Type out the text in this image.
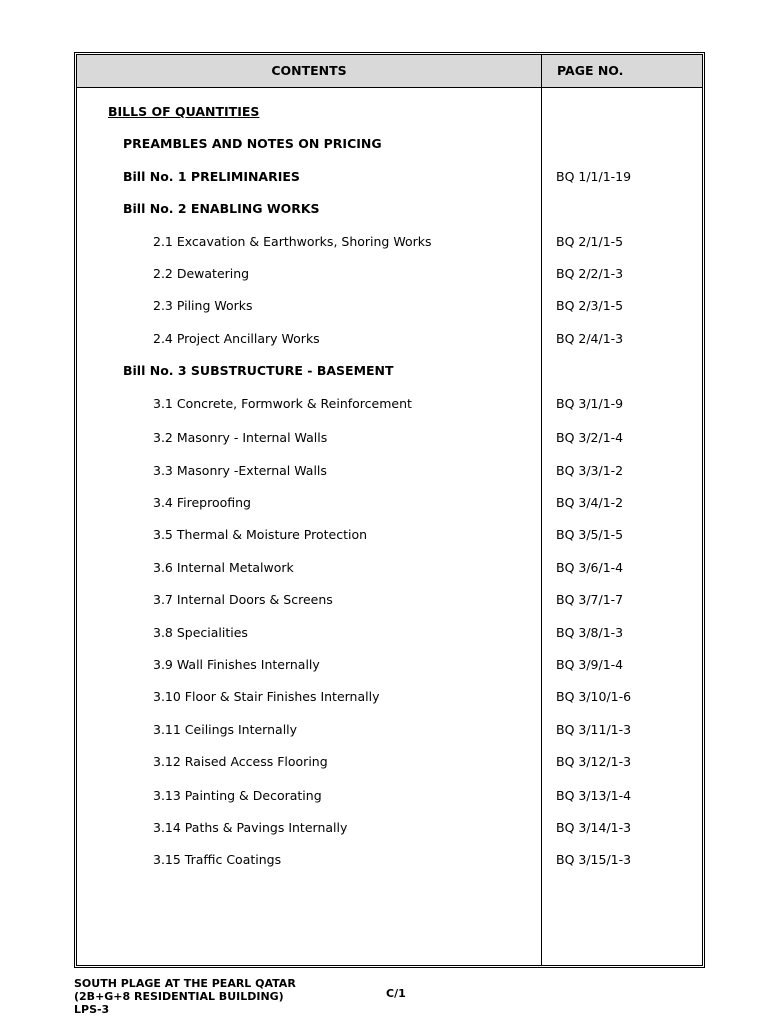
CONTENTS	PAGE NO.
BILLS OF QUANTITIES
PREAMBLES AND NOTES ON PRICING
Bill No. 1 PRELIMINARIES	BQ 1/1/1-19
Bill No. 2 ENABLING WORKS
2.1 Excavation & Earthworks, Shoring Works	BQ 2/1/1-5
2.2 Dewatering	BQ 2/2/1-3
2.3 Piling Works	BQ 2/3/1-5
2.4 Project Ancillary Works	BQ 2/4/1-3
Bill No. 3 SUBSTRUCTURE - BASEMENT
3.1 Concrete, Formwork & Reinforcement	BQ 3/1/1-9
3.2 Masonry - Internal Walls	BQ 3/2/1-4
3.3 Masonry -External Walls	BQ 3/3/1-2
3.4 Fireproofing	BQ 3/4/1-2
3.5 Thermal & Moisture Protection	BQ 3/5/1-5
3.6 Internal Metalwork	BQ 3/6/1-4
3.7 Internal Doors & Screens	BQ 3/7/1-7
3.8 Specialities	BQ 3/8/1-3
3.9 Wall Finishes Internally	BQ 3/9/1-4
3.10 Floor & Stair Finishes Internally	BQ 3/10/1-6
3.11 Ceilings Internally	BQ 3/11/1-3
3.12 Raised Access Flooring	BQ 3/12/1-3
3.13 Painting & Decorating	BQ 3/13/1-4
3.14 Paths & Pavings Internally	BQ 3/14/1-3
3.15 Traffic Coatings	BQ 3/15/1-3
SOUTH PLAGE AT THE PEARL QATAR
(2B+G+8 RESIDENTIAL BUILDING)
LPS-3
C/1
